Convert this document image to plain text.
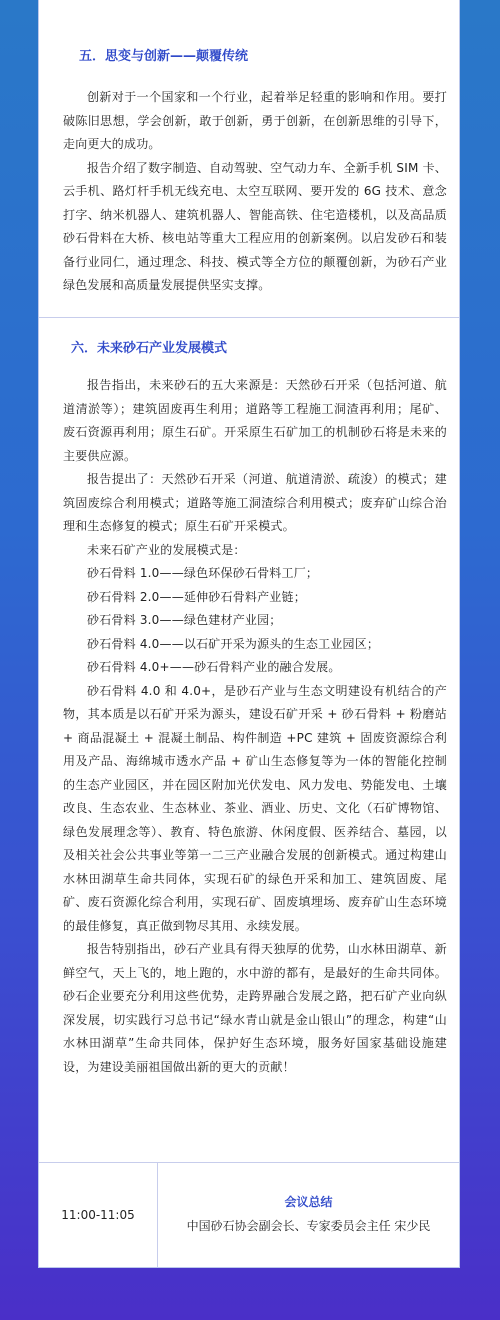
五．思变与创新——颠覆传统

创新对于一个国家和一个行业，起着举足轻重的影响和作用。要打破陈旧思想，学会创新，敢于创新，勇于创新，在创新思维的引导下，走向更大的成功。

报告介绍了数字制造、自动驾驶、空气动力车、全新手机 SIM 卡、云手机、路灯杆手机无线充电、太空互联网、要开发的 6G 技术、意念打字、纳米机器人、建筑机器人、智能高铁、住宅造楼机，以及高品质砂石骨料在大桥、核电站等重大工程应用的创新案例。以启发砂石和装备行业同仁，通过理念、科技、模式等全方位的颠覆创新，为砂石产业绿色发展和高质量发展提供坚实支撑。

六．未来砂石产业发展模式

报告指出，未来砂石的五大来源是：天然砂石开采（包括河道、航道清淤等）；建筑固废再生利用；道路等工程施工洞渣再利用；尾矿、废石资源再利用；原生石矿。开采原生石矿加工的机制砂石将是未来的主要供应源。

报告提出了：天然砂石开采（河道、航道清淤、疏浚）的模式；建筑固废综合利用模式；道路等施工洞渣综合利用模式；废弃矿山综合治理和生态修复的模式；原生石矿开采模式。

未来石矿产业的发展模式是：

砂石骨料 1.0——绿色环保砂石骨料工厂；

砂石骨料 2.0——延伸砂石骨料产业链；

砂石骨料 3.0——绿色建材产业园；

砂石骨料 4.0——以石矿开采为源头的生态工业园区；

砂石骨料 4.0+——砂石骨料产业的融合发展。

砂石骨料 4.0 和 4.0+，是砂石产业与生态文明建设有机结合的产物，其本质是以石矿开采为源头，建设石矿开采 + 砂石骨料 + 粉磨站 + 商品混凝土 + 混凝土制品、构件制造 +PC 建筑 + 固废资源综合利用及产品、海绵城市透水产品 + 矿山生态修复等为一体的智能化控制的生态产业园区，并在园区附加光伏发电、风力发电、势能发电、土壤改良、生态农业、生态林业、茶业、酒业、历史、文化（石矿博物馆、绿色发展理念等）、教育、特色旅游、休闲度假、医养结合、墓园，以及相关社会公共事业等第一二三产业融合发展的创新模式。通过构建山水林田湖草生命共同体，实现石矿的绿色开采和加工、建筑固废、尾矿、废石资源化综合利用，实现石矿、固废填埋场、废弃矿山生态环境的最佳修复，真正做到物尽其用、永续发展。

报告特别指出，砂石产业具有得天独厚的优势，山水林田湖草、新鲜空气，天上飞的，地上跑的，水中游的都有，是最好的生命共同体。砂石企业要充分利用这些优势，走跨界融合发展之路，把石矿产业向纵深发展，切实践行习总书记“绿水青山就是金山银山”的理念，构建“山水林田湖草”生命共同体，保护好生态环境，服务好国家基础设施建设，为建设美丽祖国做出新的更大的贡献！

11:00-11:05
会议总结
中国砂石协会副会长、专家委员会主任 宋少民
